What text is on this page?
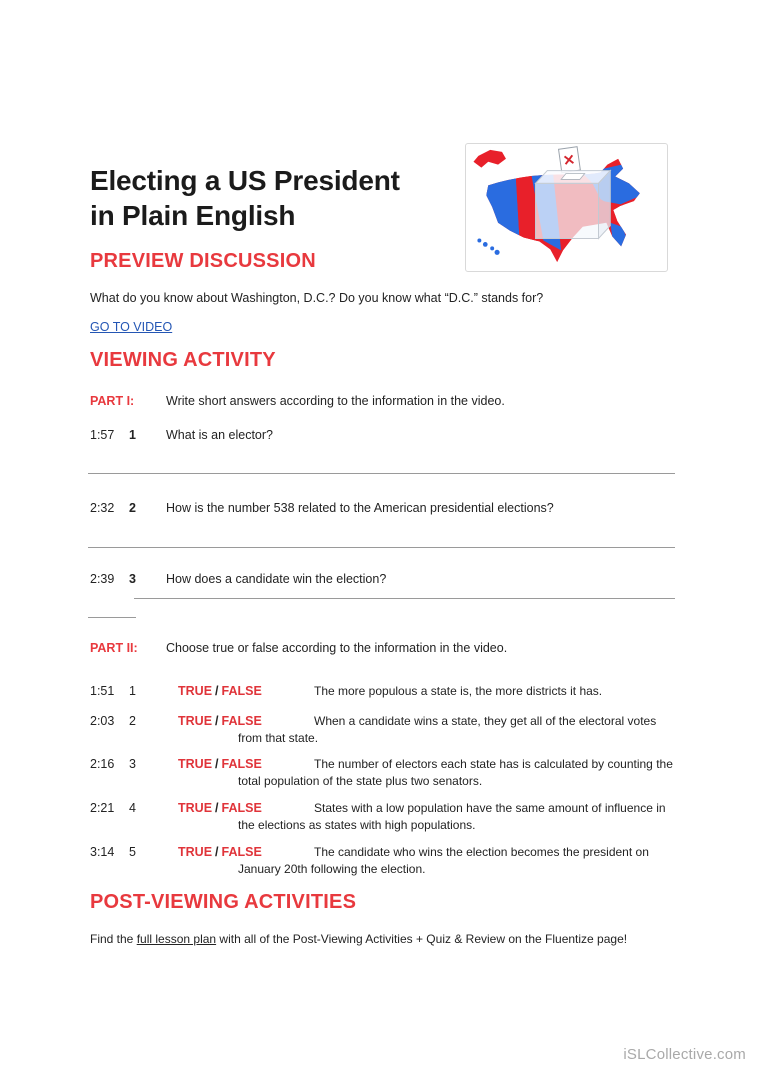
Electing a US President
in Plain English
PREVIEW DISCUSSION
What do you know about Washington, D.C.? Do you know what “D.C.” stands for?
GO TO VIDEO
VIEWING ACTIVITY
PART I:	Write short answers according to the information in the video.
1:57 1 What is an elector?
2:32 2 How is the number 538 related to the American presidential elections?
2:39 3 How does a candidate win the election?
PART II: Choose true or false according to the information in the video.
1:51 1	TRUE / FALSE	The more populous a state is, the more districts it has.
2:03 2	TRUE / FALSE	When a candidate wins a state, they get all of the electoral votes from that state.
2:16 3	TRUE / FALSE	The number of electors each state has is calculated by counting the total population of the state plus two senators.
2:21 4	TRUE / FALSE	States with a low population have the same amount of influence in the elections as states with high populations.
3:14 5	TRUE / FALSE	The candidate who wins the election becomes the president on January 20th following the election.
POST-VIEWING ACTIVITIES
Find the full lesson plan with all of the Post-Viewing Activities + Quiz & Review on the Fluentize page!
iSLCollective.com
